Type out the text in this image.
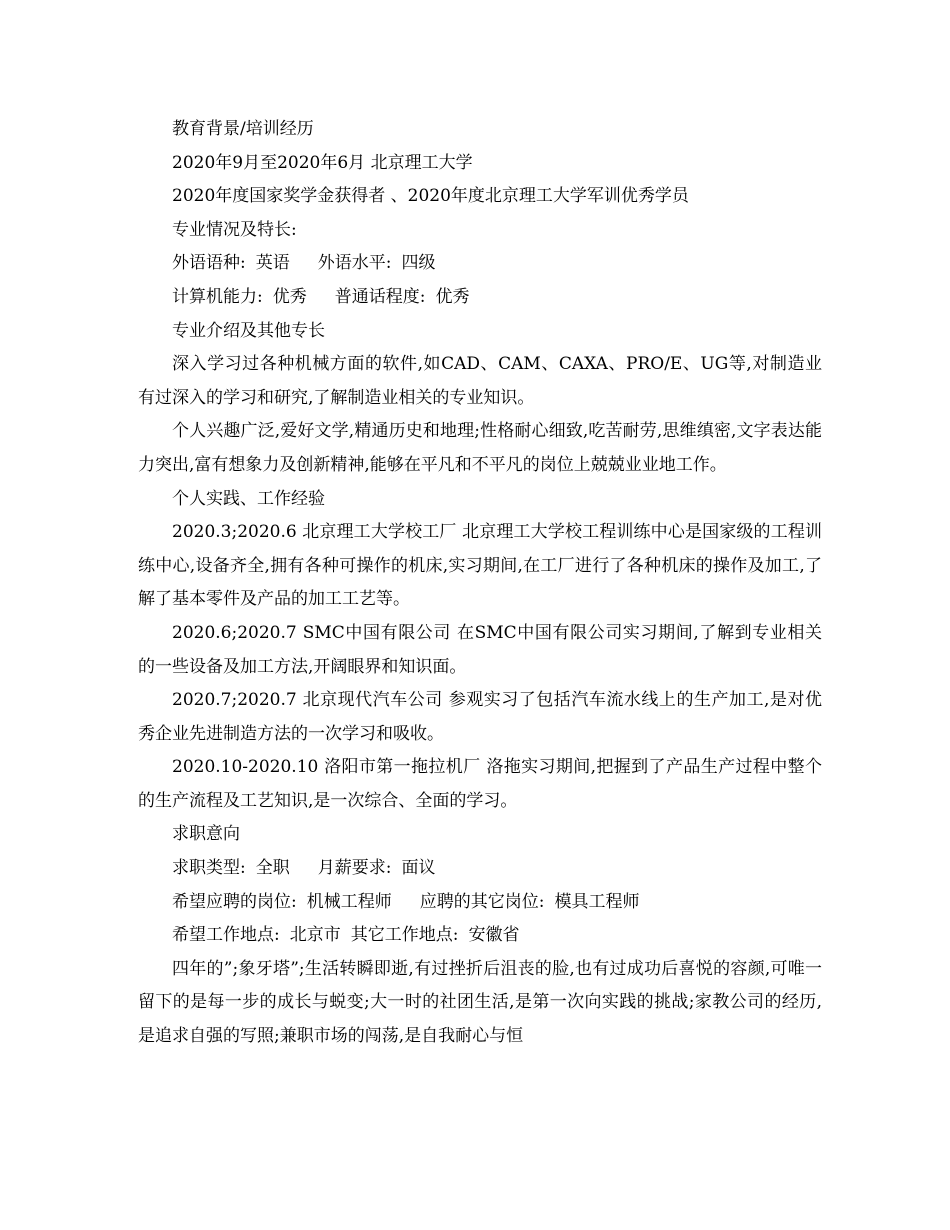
教育背景/培训经历

2020年9月至2020年6月 北京理工大学

2020年度国家奖学金获得者 、2020年度北京理工大学军训优秀学员

专业情况及特长:

外语语种: 英语 外语水平: 四级

计算机能力: 优秀 普通话程度: 优秀

专业介绍及其他专长

深入学习过各种机械方面的软件,如CAD、CAM、CAXA、PRO/E、UG等,对制造业有过深入的学习和研究,了解制造业相关的专业知识。

个人兴趣广泛,爱好文学,精通历史和地理;性格耐心细致,吃苦耐劳,思维缜密,文字表达能力突出,富有想象力及创新精神,能够在平凡和不平凡的岗位上兢兢业业地工作。

个人实践、工作经验

2020.3;2020.6 北京理工大学校工厂 北京理工大学校工程训练中心是国家级的工程训练中心,设备齐全,拥有各种可操作的机床,实习期间,在工厂进行了各种机床的操作及加工,了解了基本零件及产品的加工工艺等。

2020.6;2020.7 SMC中国有限公司 在SMC中国有限公司实习期间,了解到专业相关的一些设备及加工方法,开阔眼界和知识面。

2020.7;2020.7 北京现代汽车公司 参观实习了包括汽车流水线上的生产加工,是对优秀企业先进制造方法的一次学习和吸收。

2020.10-2020.10 洛阳市第一拖拉机厂 洛拖实习期间,把握到了产品生产过程中整个的生产流程及工艺知识,是一次综合、全面的学习。

求职意向

求职类型: 全职 月薪要求: 面议

希望应聘的岗位: 机械工程师 应聘的其它岗位: 模具工程师

希望工作地点: 北京市 其它工作地点: 安徽省

四年的”;象牙塔”;生活转瞬即逝,有过挫折后沮丧的脸,也有过成功后喜悦的容颜,可唯一留下的是每一步的成长与蜕变;大一时的社团生活,是第一次向实践的挑战;家教公司的经历,是追求自强的写照;兼职市场的闯荡,是自我耐心与恒
